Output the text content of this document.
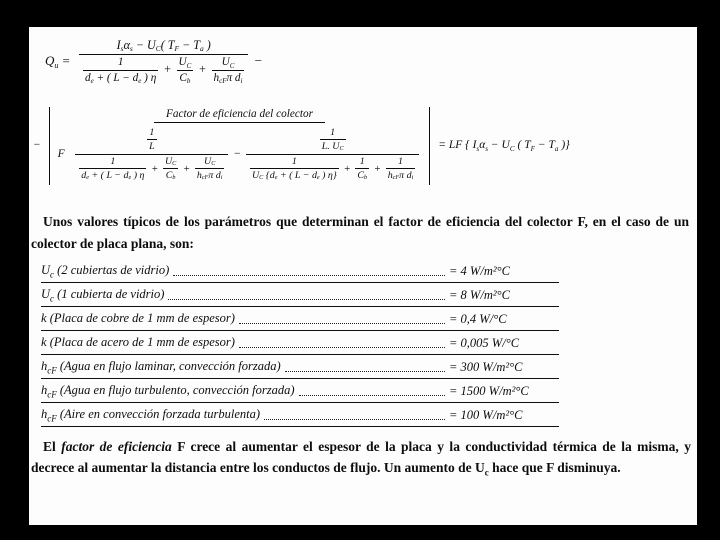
Q $u = \frac{\text{I s α s − U C ( T F − T a )}}{\frac{1}{\text{d e + ( L − d e ) η}} + \frac{\text{U C}}{\text{C b}} + \frac{\text{U C}}{\text{h cF π d i}}}$ −
−
Factor de eficiencia del colector
F $\frac{\frac{1}{L}}{\frac{1}{\text{d e + ( L − d e ) η}} + \frac{\text{U C}}{\text{C b}} + \frac{\text{U C}}{\text{h cF π d i}}} - \frac{\frac{1}{\text{L. U C}}}{\frac{1}{\text{U C \{d e + ( L − d e ) η\}}} + \frac{1}{\text{C b}} + \frac{1}{\text{h cF π d i}}}$ = LF { I s α s − U C ( T F − T a )}

Unos valores típicos de los parámetros que determinan el factor de eficiencia del colector F, en el caso de un colector de placa plana, son:

$U_c$ (2 cubiertas de vidrio)	= 4 W/m²°C
$U_c$ (1 cubierta de vidrio)	= 8 W/m²°C
k (Placa de cobre de 1 mm de espesor)	= 0,4 W/°C
k (Placa de acero de 1 mm de espesor)	= 0,005 W/°C
$h_{cF}$ (Agua en flujo laminar, convección forzada)	= 300 W/m²°C
$h_{cF}$ (Agua en flujo turbulento, convección forzada)	= 1500 W/m²°C
$h_{cF}$ (Aire en convección forzada turbulenta)	= 100 W/m²°C

El factor de eficiencia F crece al aumentar el espesor de la placa y la conductividad térmica de la misma, y decrece al aumentar la distancia entre los conductos de flujo. Un aumento de $U_c$ hace que F disminuya.
